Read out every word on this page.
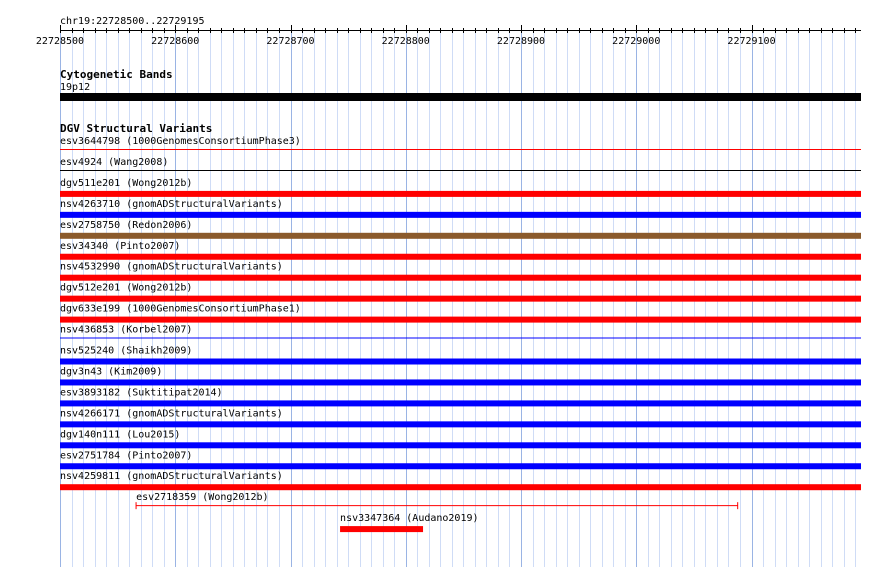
chr19:22728500..22729195
22728500	22728600	22728700	22728800	22728900	22729000	22729100
Cytogenetic Bands
19p12
DGV Structural Variants
esv3644798 (1000GenomesConsortiumPhase3)
esv4924 (Wang2008)
dgv511e201 (Wong2012b)
nsv4263710 (gnomADStructuralVariants)
esv2758750 (Redon2006)
esv34340 (Pinto2007)
nsv4532990 (gnomADStructuralVariants)
dgv512e201 (Wong2012b)
dgv633e199 (1000GenomesConsortiumPhase1)
nsv436853 (Korbel2007)
nsv525240 (Shaikh2009)
dgv3n43 (Kim2009)
esv3893182 (Suktitipat2014)
nsv4266171 (gnomADStructuralVariants)
dgv140n111 (Lou2015)
esv2751784 (Pinto2007)
nsv4259811 (gnomADStructuralVariants)
esv2718359 (Wong2012b)
nsv3347364 (Audano2019)
